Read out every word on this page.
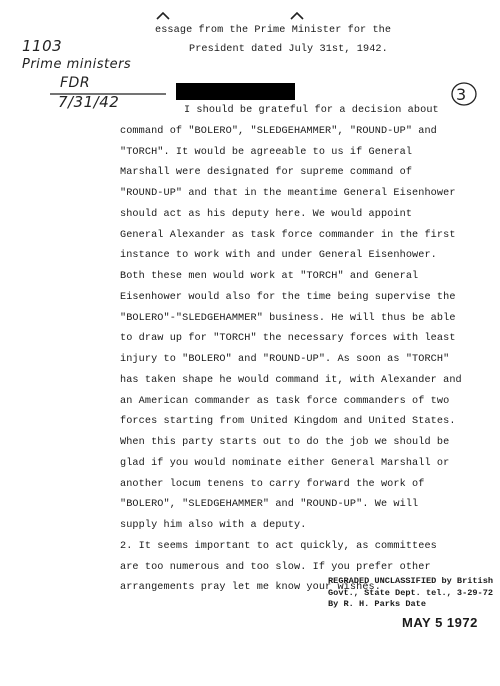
essage from the Prime Minister for the
President dated July 31st, 1942.
1103
Prime ministers
FDR
7/31/42	3
I should be grateful for a decision about
command of "BOLERO", "SLEDGEHAMMER", "ROUND-UP" and
"TORCH". It would be agreeable to us if General
Marshall were designated for supreme command of
"ROUND-UP" and that in the meantime General Eisenhower
should act as his deputy here. We would appoint
General Alexander as task force commander in the first
instance to work with and under General Eisenhower.
Both these men would work at "TORCH" and General
Eisenhower would also for the time being supervise the
"BOLERO"-"SLEDGEHAMMER" business. He will thus be able
to draw up for "TORCH" the necessary forces with least
injury to "BOLERO" and "ROUND-UP". As soon as "TORCH"
has taken shape he would command it, with Alexander and
an American commander as task force commanders of two
forces starting from United Kingdom and United States.
When this party starts out to do the job we should be
glad if you would nominate either General Marshall or
another locum tenens to carry forward the work of
"BOLERO", "SLEDGEHAMMER" and "ROUND-UP". We will
supply him also with a deputy.
2. It seems important to act quickly, as committees
are too numerous and too slow. If you prefer other
arrangements pray let me know your wishes.
REGRADED UNCLASSIFIED by British
Govt., State Dept. tel., 3-29-72
By R. H. Parks Date
MAY 5 1972
